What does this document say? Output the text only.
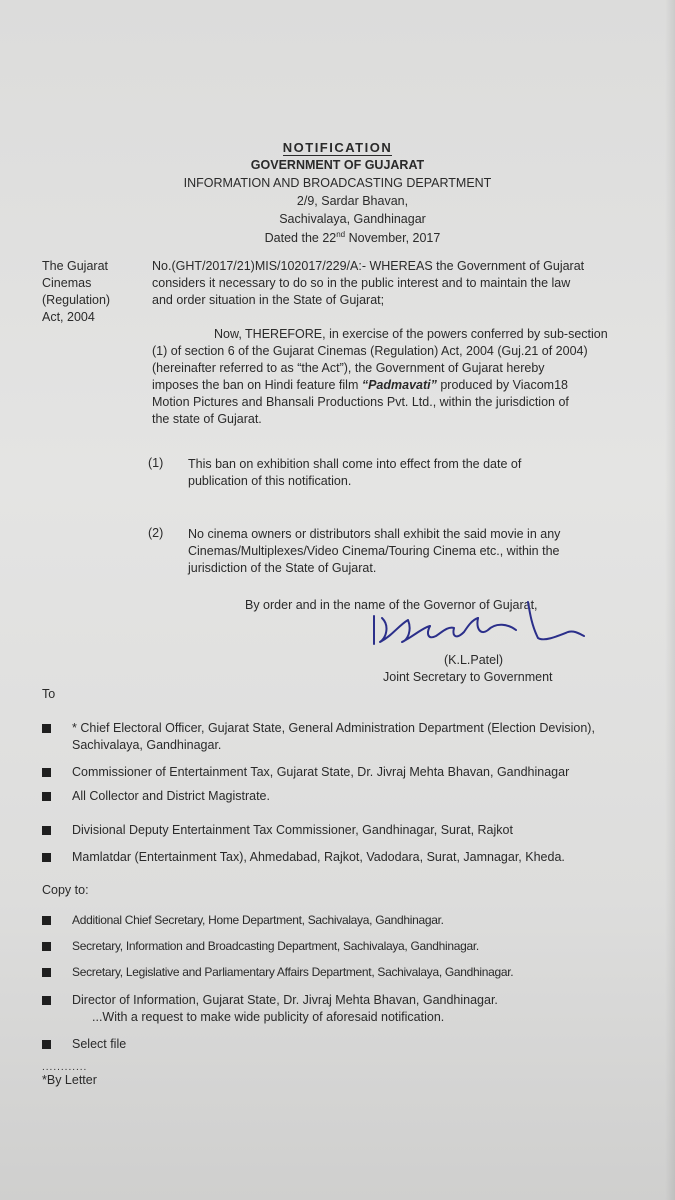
NOTIFICATION
GOVERNMENT OF GUJARAT
INFORMATION AND BROADCASTING DEPARTMENT
2/9, Sardar Bhavan,
Sachivalaya, Gandhinagar
Dated the 22nd November, 2017
The Gujarat
Cinemas
(Regulation)
Act, 2004
No.(GHT/2017/21)MIS/102017/229/A:- WHEREAS the Government of Gujarat
considers it necessary to do so in the public interest and to maintain the law
and order situation in the State of Gujarat;
Now, THEREFORE, in exercise of the powers conferred by sub-section
(1) of section 6 of the Gujarat Cinemas (Regulation) Act, 2004 (Guj.21 of 2004)
(hereinafter referred to as “the Act”), the Government of Gujarat hereby
imposes the ban on Hindi feature film “Padmavati” produced by Viacom18
Motion Pictures and Bhansali Productions Pvt. Ltd., within the jurisdiction of
the state of Gujarat.
(1) This ban on exhibition shall come into effect from the date of
publication of this notification.
(2) No cinema owners or distributors shall exhibit the said movie in any
Cinemas/Multiplexes/Video Cinema/Touring Cinema etc., within the
jurisdiction of the State of Gujarat.
By order and in the name of the Governor of Gujarat,
(K.L.Patel)
Joint Secretary to Government
To
* Chief Electoral Officer, Gujarat State, General Administration Department (Election Devision),
Sachivalaya, Gandhinagar.
Commissioner of Entertainment Tax, Gujarat State, Dr. Jivraj Mehta Bhavan, Gandhinagar
All Collector and District Magistrate.
Divisional Deputy Entertainment Tax Commissioner, Gandhinagar, Surat, Rajkot
Mamlatdar (Entertainment Tax), Ahmedabad, Rajkot, Vadodara, Surat, Jamnagar, Kheda.
Copy to:
Additional Chief Secretary, Home Department, Sachivalaya, Gandhinagar.
Secretary, Information and Broadcasting Department, Sachivalaya, Gandhinagar.
Secretary, Legislative and Parliamentary Affairs Department, Sachivalaya, Gandhinagar.
Director of Information, Gujarat State, Dr. Jivraj Mehta Bhavan, Gandhinagar.
...With a request to make wide publicity of aforesaid notification.
Select file
............
*By Letter
